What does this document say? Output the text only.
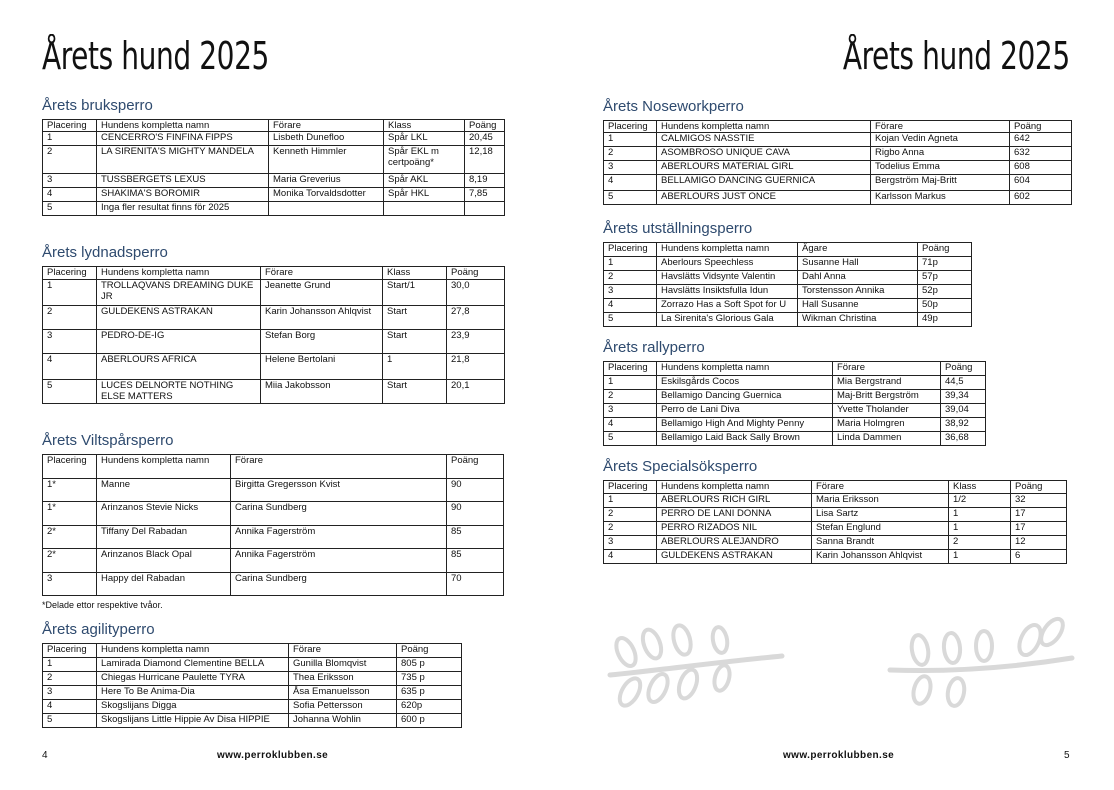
Årets hund 2025
Årets bruksperro
Placering	Hundens kompletta namn	Förare	Klass	Poäng
1	CENCERRO'S FINFINA FIPPS	Lisbeth Dunefloo	Spår LKL	20,45
2	LA SIRENITA'S MIGHTY MANDELA	Kenneth Himmler	Spår EKL m certpoäng*	12,18
3	TUSSBERGETS LEXUS	Maria Greverius	Spår AKL	8,19
4	SHAKIMA'S BOROMIR	Monika Torvaldsdotter	Spår HKL	7,85
5	Inga fler resultat finns för 2025			
Årets lydnadsperro
Placering	Hundens kompletta namn	Förare	Klass	Poäng
1	TROLLAQVANS DREAMING DUKE JR	Jeanette Grund	Start/1	30,0
2	GULDEKENS ASTRAKAN	Karin Johansson Ahlqvist	Start	27,8
3	PEDRO-DE-IG	Stefan Borg	Start	23,9
4	ABERLOURS AFRICA	Helene Bertolani	1	21,8
5	LUCES DELNORTE NOTHING ELSE MATTERS	Miia Jakobsson	Start	20,1
Årets Viltspårsperro
Placering	Hundens kompletta namn	Förare	Poäng
1*	Manne	Birgitta Gregersson Kvist	90
1*	Arinzanos Stevie Nicks	Carina Sundberg	90
2*	Tiffany Del Rabadan	Annika Fagerström	85
2*	Arinzanos Black Opal	Annika Fagerström	85
3	Happy del Rabadan	Carina Sundberg	70
*Delade ettor respektive tvåor.
Årets agilityperro
Placering	Hundens kompletta namn	Förare	Poäng
1	Lamirada Diamond Clementine BELLA	Gunilla Blomqvist	805 p
2	Chiegas Hurricane Paulette TYRA	Thea Eriksson	735 p
3	Here To Be Anima-Dia	Åsa Emanuelsson	635 p
4	Skogslijans Digga	Sofia Pettersson	620p
5	Skogslijans Little Hippie Av Disa HIPPIE	Johanna Wohlin	600 p
4	www.perroklubben.se
Årets hund 2025
Årets Noseworkperro
Placering	Hundens kompletta namn	Förare	Poäng
1	CALMIGOS NASSTIE	Kojan Vedin Agneta	642
2	ASOMBROSO UNIQUE CAVA	Rigbo Anna	632
3	ABERLOURS MATERIAL GIRL	Todelius Emma	608
4	BELLAMIGO DANCING GUERNICA	Bergström Maj-Britt	604
5	ABERLOURS JUST ONCE	Karlsson Markus	602
Årets utställningsperro
Placering	Hundens kompletta namn	Ägare	Poäng
1	Aberlours Speechless	Susanne Hall	71p
2	Havslätts Vidsynte Valentin	Dahl Anna	57p
3	Havslätts Insiktsfulla Idun	Torstensson Annika	52p
4	Zorrazo Has a Soft Spot for U	Hall Susanne	50p
5	La Sirenita's Glorious Gala	Wikman Christina	49p
Årets rallyperro
Placering	Hundens kompletta namn	Förare	Poäng
1	Eskilsgårds Cocos	Mia Bergstrand	44,5
2	Bellamigo Dancing Guernica	Maj-Britt Bergström	39,34
3	Perro de Lani Diva	Yvette Tholander	39,04
4	Bellamigo High And Mighty Penny	Maria Holmgren	38,92
5	Bellamigo Laid Back Sally Brown	Linda Dammen	36,68
Årets Specialsöksperro
Placering	Hundens kompletta namn	Förare	Klass	Poäng
1	ABERLOURS RICH GIRL	Maria Eriksson	1/2	32
2	PERRO DE LANI DONNA	Lisa Sartz	1	17
2	PERRO RIZADOS NIL	Stefan Englund	1	17
3	ABERLOURS ALEJANDRO	Sanna Brandt	2	12
4	GULDEKENS ASTRAKAN	Karin Johansson Ahlqvist	1	6
www.perroklubben.se	5
